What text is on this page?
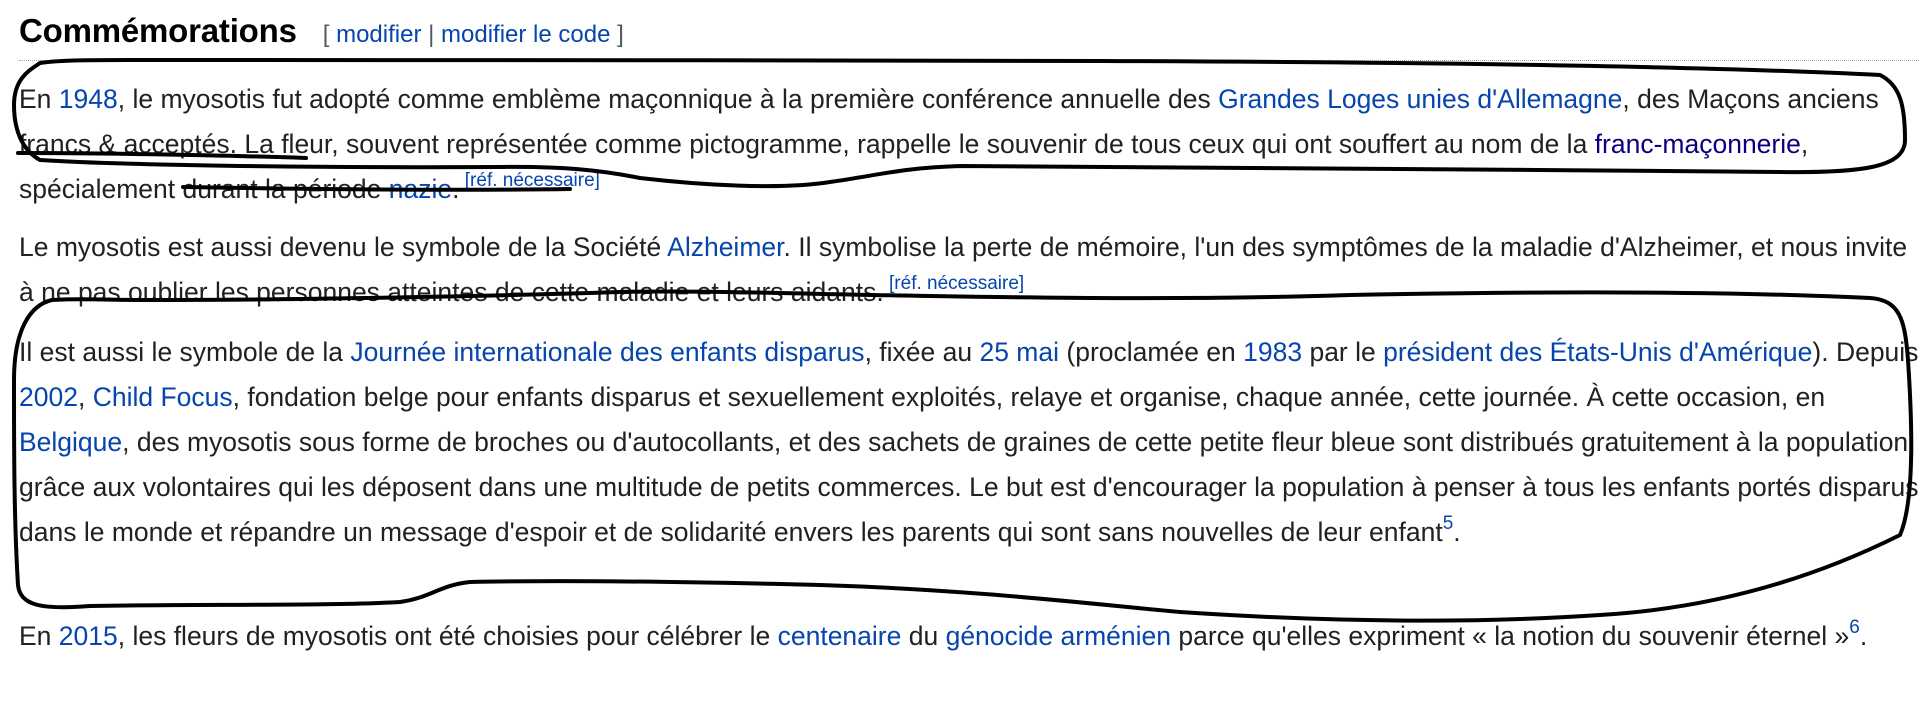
Commémorations [ modifier | modifier le code ]

En 1948, le myosotis fut adopté comme emblème maçonnique à la première conférence annuelle des Grandes Loges unies d'Allemagne, des Maçons anciens francs & acceptés. La fleur, souvent représentée comme pictogramme, rappelle le souvenir de tous ceux qui ont souffert au nom de la franc-maçonnerie, spécialement durant la période nazie. [réf. nécessaire]

Le myosotis est aussi devenu le symbole de la Société Alzheimer. Il symbolise la perte de mémoire, l'un des symptômes de la maladie d'Alzheimer, et nous invite à ne pas oublier les personnes atteintes de cette maladie et leurs aidants. [réf. nécessaire]

Il est aussi le symbole de la Journée internationale des enfants disparus, fixée au 25 mai (proclamée en 1983 par le président des États-Unis d'Amérique). Depuis 2002, Child Focus, fondation belge pour enfants disparus et sexuellement exploités, relaye et organise, chaque année, cette journée. À cette occasion, en Belgique, des myosotis sous forme de broches ou d'autocollants, et des sachets de graines de cette petite fleur bleue sont distribués gratuitement à la population, grâce aux volontaires qui les déposent dans une multitude de petits commerces. Le but est d'encourager la population à penser à tous les enfants portés disparus dans le monde et répandre un message d'espoir et de solidarité envers les parents qui sont sans nouvelles de leur enfant$^5$.

En 2015, les fleurs de myosotis ont été choisies pour célébrer le centenaire du génocide arménien parce qu'elles expriment « la notion du souvenir éternel »$^6$.
